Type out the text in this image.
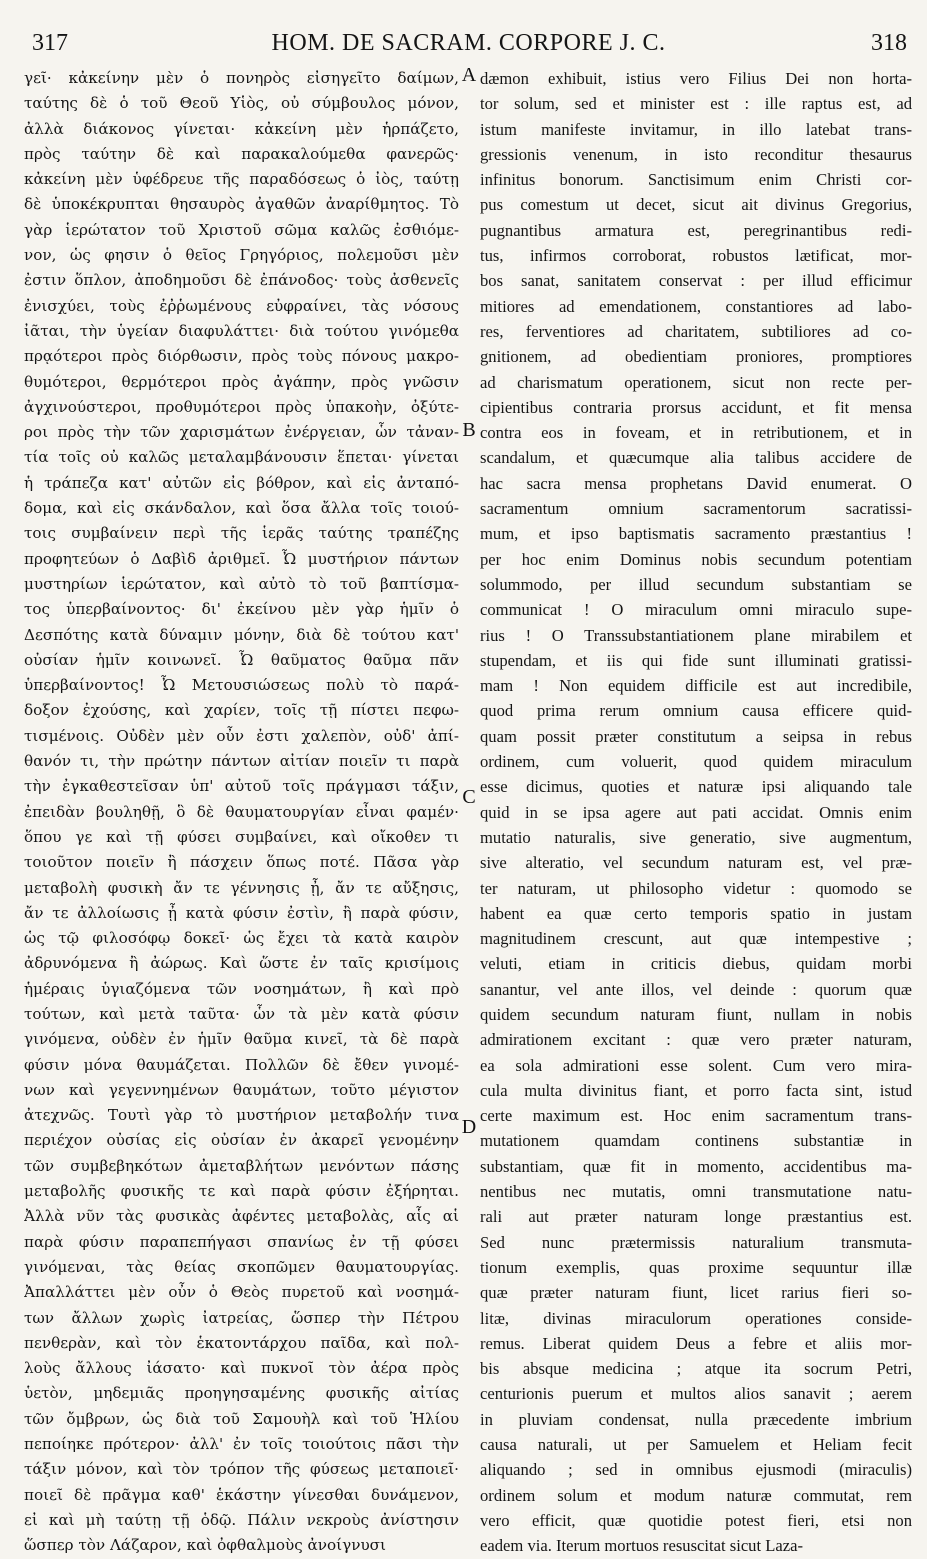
317	HOM. DE SACRAM. CORPORE J. C.	318
γεῖ· κἀκείνην μὲν ὁ πονηρὸς εἰσηγεῖτο δαίμων,
ταύτης δὲ ὁ τοῦ Θεοῦ Υἱὸς, οὐ σύμβουλος μόνον,
ἀλλὰ διάκονος γίνεται· κἀκείνη μὲν ἡρπάζετο,
πρὸς ταύτην δὲ καὶ παρακαλούμεθα φανερῶς·
κἀκείνη μὲν ὑφέδρευε τῆς παραδόσεως ὁ ἰὸς, ταύτῃ
δὲ ὑποκέκρυπται θησαυρὸς ἀγαθῶν ἀναρίθμητος. Τὸ
γὰρ ἱερώτατον τοῦ Χριστοῦ σῶμα καλῶς ἐσθιόμε-
νον, ὡς φησιν ὁ θεῖος Γρηγόριος, πολεμοῦσι μὲν
ἐστιν ὅπλον, ἀποδημοῦσι δὲ ἐπάνοδος· τοὺς ἀσθενεῖς
ἐνισχύει, τοὺς ἐῤῥωμένους εὐφραίνει, τὰς νόσους
ἰᾶται, τὴν ὑγείαν διαφυλάττει· διὰ τούτου γινόμεθα
πρᾳότεροι πρὸς διόρθωσιν, πρὸς τοὺς πόνους μακρο-
θυμότεροι, θερμότεροι πρὸς ἀγάπην, πρὸς γνῶσιν
ἀγχινούστεροι, προθυμότεροι πρὸς ὑπακοὴν, ὀξύτε-
ροι πρὸς τὴν τῶν χαρισμάτων ἐνέργειαν, ὧν τἀναν-
τία τοῖς οὐ καλῶς μεταλαμβάνουσιν ἕπεται· γίνεται
ἡ τράπεζα κατ' αὐτῶν εἰς βόθρον, καὶ εἰς ἀνταπό-
δομα, καὶ εἰς σκάνδαλον, καὶ ὅσα ἄλλα τοῖς τοιού-
τοις συμβαίνειν περὶ τῆς ἱερᾶς ταύτης τραπέζης
προφητεύων ὁ Δαβὶδ ἀριθμεῖ. Ὦ μυστήριον πάντων
μυστηρίων ἱερώτατον, καὶ αὐτὸ τὸ τοῦ βαπτίσμα-
τος ὑπερβαίνοντος· δι' ἐκείνου μὲν γὰρ ἡμῖν ὁ
Δεσπότης κατὰ δύναμιν μόνην, διὰ δὲ τούτου κατ'
οὐσίαν ἡμῖν κοινωνεῖ. Ὦ θαῦματος θαῦμα πᾶν
ὑπερβαίνοντος! Ὦ Μετουσιώσεως πολὺ τὸ παρά-
δοξον ἐχούσης, καὶ χαρίεν, τοῖς τῇ πίστει πεφω-
τισμένοις. Οὐδὲν μὲν οὖν ἐστι χαλεπὸν, οὐδ' ἀπί-
θανόν τι, τὴν πρώτην πάντων αἰτίαν ποιεῖν τι παρὰ
τὴν ἐγκαθεστεῖσαν ὑπ' αὐτοῦ τοῖς πράγμασι τάξιν,
ἐπειδὰν βουληθῇ, ὃ δὲ θαυματουργίαν εἶναι φαμέν·
ὅπου γε καὶ τῇ φύσει συμβαίνει, καὶ οἴκοθεν τι
τοιοῦτον ποιεῖν ἢ πάσχειν ὅπως ποτέ. Πᾶσα γὰρ
μεταβολὴ φυσικὴ ἄν τε γέννησις ᾖ, ἄν τε αὔξησις,
ἄν τε ἀλλοίωσις ᾖ κατὰ φύσιν ἐστὶν, ἢ παρὰ φύσιν,
ὡς τῷ φιλοσόφῳ δοκεῖ· ὡς ἔχει τὰ κατὰ καιρὸν
ἀδρυνόμενα ἢ ἀώρως. Καὶ ὥστε ἐν ταῖς κρισίμοις
ἡμέραις ὑγιαζόμενα τῶν νοσημάτων, ἢ καὶ πρὸ
τούτων, καὶ μετὰ ταῦτα· ὧν τὰ μὲν κατὰ φύσιν
γινόμενα, οὐδὲν ἐν ἡμῖν θαῦμα κινεῖ, τὰ δὲ παρὰ
φύσιν μόνα θαυμάζεται. Πολλῶν δὲ ἔθεν γινομέ-
νων καὶ γεγεννημένων θαυμάτων, τοῦτο μέγιστον
ἀτεχνῶς. Τουτὶ γὰρ τὸ μυστήριον μεταβολήν τινα
περιέχον οὐσίας εἰς οὐσίαν ἐν ἀκαρεῖ γενομένην
τῶν συμβεβηκότων ἀμεταβλήτων μενόντων πάσης
μεταβολῆς φυσικῆς τε καὶ παρὰ φύσιν ἐξήρηται.
Ἀλλὰ νῦν τὰς φυσικὰς ἀφέντες μεταβολὰς, αἷς αἱ
παρὰ φύσιν παραπεπήγασι σπανίως ἐν τῇ φύσει
γινόμεναι, τὰς θείας σκοπῶμεν θαυματουργίας.
Ἀπαλλάττει μὲν οὖν ὁ Θεὸς πυρετοῦ καὶ νοσημά-
των ἄλλων χωρὶς ἰατρείας, ὥσπερ τὴν Πέτρου
πενθερὰν, καὶ τὸν ἑκατοντάρχου παῖδα, καὶ πολ-
λοὺς ἄλλους ἰάσατο· καὶ πυκνοῖ τὸν ἀέρα πρὸς
ὑετὸν, μηδεμιᾶς προηγησαμένης φυσικῆς αἰτίας
τῶν ὄμβρων, ὡς διὰ τοῦ Σαμουὴλ καὶ τοῦ Ἡλίου
πεποίηκε πρότερον· ἀλλ' ἐν τοῖς τοιούτοις πᾶσι τὴν
τάξιν μόνον, καὶ τὸν τρόπον τῆς φύσεως μεταποιεῖ·
ποιεῖ δὲ πρᾶγμα καθ' ἑκάστην γίνεσθαι δυνάμενον,
εἰ καὶ μὴ ταύτῃ τῇ ὁδῷ. Πάλιν νεκροὺς ἀνίστησιν
ὥσπερ τὸν Λάζαρον, καὶ ὀφθαλμοὺς ἀνοίγνυσι
A
B
C
D
dæmon exhibuit, istius vero Filius Dei non horta-
tor solum, sed et minister est : ille raptus est, ad
istum manifeste invitamur, in illo latebat trans-
gressionis venenum, in isto reconditur thesaurus
infinitus bonorum. Sanctisimum enim Christi cor-
pus comestum ut decet, sicut ait divinus Gregorius,
pugnantibus armatura est, peregrinantibus redi-
tus, infirmos corroborat, robustos lætificat, mor-
bos sanat, sanitatem conservat : per illud efficimur
mitiores ad emendationem, constantiores ad labo-
res, ferventiores ad charitatem, subtiliores ad co-
gnitionem, ad obedientiam proniores, promptiores
ad charismatum operationem, sicut non recte per-
cipientibus contraria prorsus accidunt, et fit mensa
contra eos in foveam, et in retributionem, et in
scandalum, et quæcumque alia talibus accidere de
hac sacra mensa prophetans David enumerat. O
sacramentum omnium sacramentorum sacratissi-
mum, et ipso baptismatis sacramento præstantius !
per hoc enim Dominus nobis secundum potentiam
solummodo, per illud secundum substantiam se
communicat ! O miraculum omni miraculo supe-
rius ! O Transsubstantiationem plane mirabilem et
stupendam, et iis qui fide sunt illuminati gratissi-
mam ! Non equidem difficile est aut incredibile,
quod prima rerum omnium causa efficere quid-
quam possit præter constitutum a seipsa in rebus
ordinem, cum voluerit, quod quidem miraculum
esse dicimus, quoties et naturæ ipsi aliquando tale
quid in se ipsa agere aut pati accidat. Omnis enim
mutatio naturalis, sive generatio, sive augmentum,
sive alteratio, vel secundum naturam est, vel præ-
ter naturam, ut philosopho videtur : quomodo se
habent ea quæ certo temporis spatio in justam
magnitudinem crescunt, aut quæ intempestive ;
veluti, etiam in criticis diebus, quidam morbi
sanantur, vel ante illos, vel deinde : quorum quæ
quidem secundum naturam fiunt, nullam in nobis
admirationem excitant : quæ vero præter naturam,
ea sola admirationi esse solent. Cum vero mira-
cula multa divinitus fiant, et porro facta sint, istud
certe maximum est. Hoc enim sacramentum trans-
mutationem quamdam continens substantiæ in
substantiam, quæ fit in momento, accidentibus ma-
nentibus nec mutatis, omni transmutatione natu-
rali aut præter naturam longe præstantius est.
Sed nunc prætermissis naturalium transmuta-
tionum exemplis, quas proxime sequuntur illæ
quæ præter naturam fiunt, licet rarius fieri so-
litæ, divinas miraculorum operationes conside-
remus. Liberat quidem Deus a febre et aliis mor-
bis absque medicina ; atque ita socrum Petri,
centurionis puerum et multos alios sanavit ; aerem
in pluviam condensat, nulla præcedente imbrium
causa naturali, ut per Samuelem et Heliam fecit
aliquando ; sed in omnibus ejusmodi (miraculis)
ordinem solum et modum naturæ commutat, rem
vero efficit, quæ quotidie potest fieri, etsi non
eadem via. Iterum mortuos resuscitat sicut Laza-
